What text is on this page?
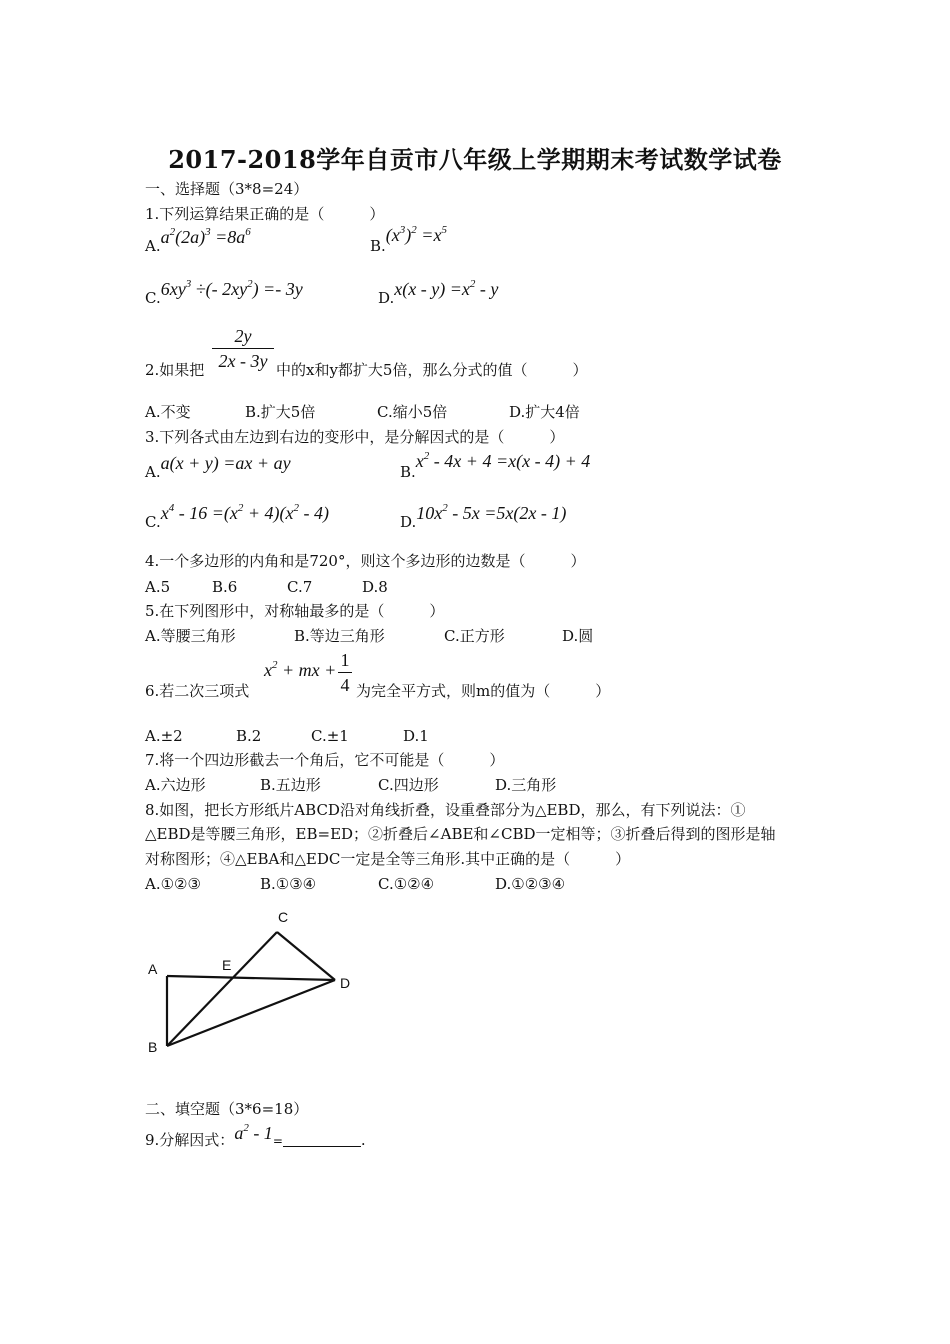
2017-2018学年自贡市八年级上学期期末考试数学试卷
一、选择题（3*8=24）
1.下列运算结果正确的是（　　　）
$A.a^2(2a)^3 =8a^6$
$B.(x^3)^2 =x^5$
$C.6xy^3$ ÷(- $2xy^2) =- 3y$	$D.x(x - y) =x^2 - y$
2y
2x - 3y
2.如果把	中的x和y都扩大5倍，那么分式的值（　　　）
A.不变	B.扩大5倍	C.缩小5倍	D.扩大4倍
3.下列各式由左边到右边的变形中，是分解因式的是（　　　）
A.a(x + y) =ax + ay	$B.x^2 - 4x + 4 =x(x - 4) + 4$
$C.x^4 - 16 =(x^2 + 4)(x^2 - 4)$	$D.10x^2 - 5x =5x(2x - 1)$
4.一个多边形的内角和是720°，则这个多边形的边数是（　　　）
A.5	B.6	C.7	D.8
5.在下列图形中，对称轴最多的是（　　　）
A.等腰三角形	B.等边三角形	C.正方形	D.圆
6.若二次三项式
$x^2$ + mx + 1
4 为完全平方式，则m的值为（　　　）
A.±2	B.2	C.±1	D.1
7.将一个四边形截去一个角后，它不可能是（　　　）
A.六边形	B.五边形	C.四边形	D.三角形
8.如图，把长方形纸片ABCD沿对角线折叠，设重叠部分为△EBD，那么，有下列说法：①
△EBD是等腰三角形，EB=ED；②折叠后∠ABE和∠CBD一定相等；③折叠后得到的图形是轴
对称图形；④△EBA和△EDC一定是全等三角形.其中正确的是（　　　）
A.①②③	B.①③④	C.①②④	D.①②③④
A	E
C
D
B
二、填空题（3*6=18）
9.分解因式：$a^2 - 1=$	.
